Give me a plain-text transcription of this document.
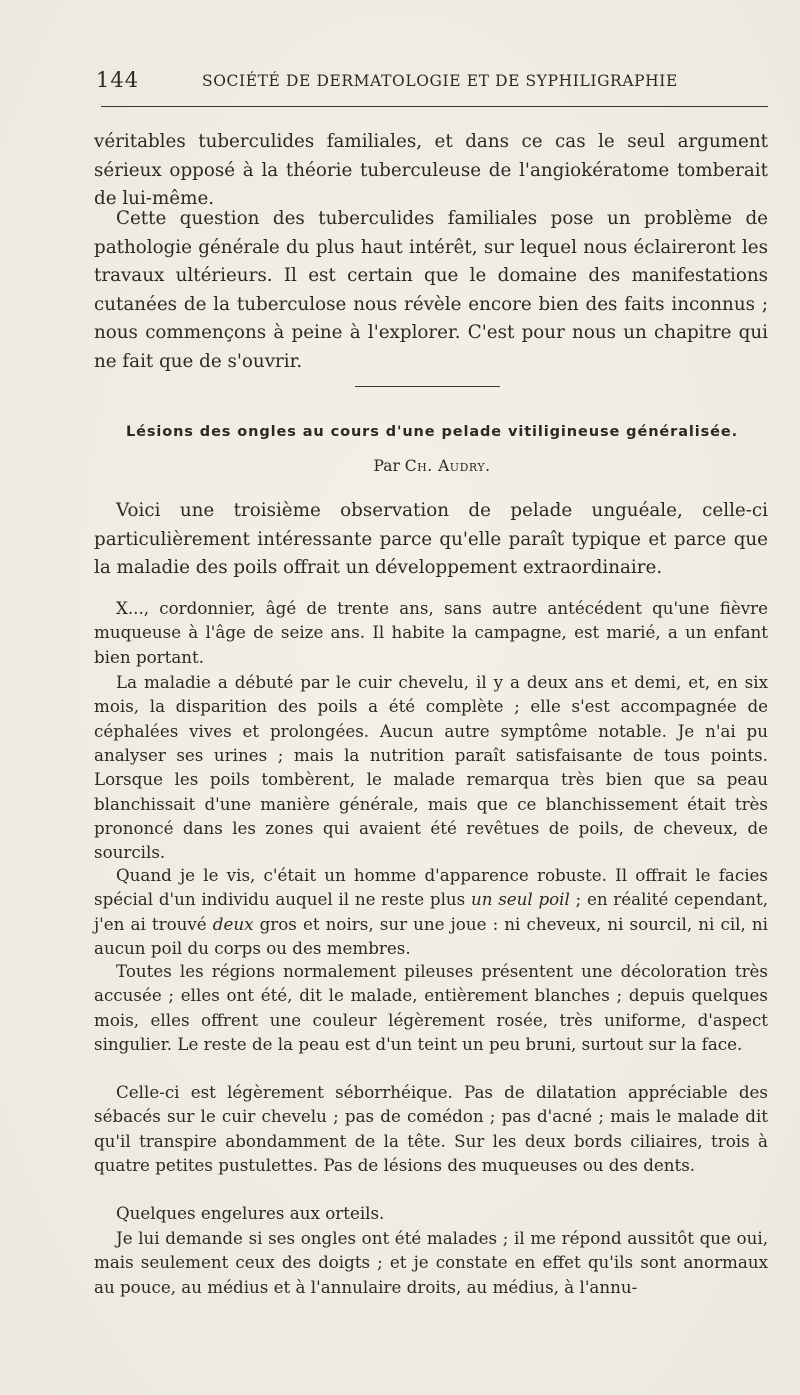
144	SOCIÉTÉ DE DERMATOLOGIE ET DE SYPHILIGRAPHIE

véritables tuberculides familiales, et dans ce cas le seul argument sérieux opposé à la théorie tuberculeuse de l'angiokératome tomberait de lui-même.

Cette question des tuberculides familiales pose un problème de pathologie générale du plus haut intérêt, sur lequel nous éclaireront les travaux ultérieurs. Il est certain que le domaine des manifestations cutanées de la tuberculose nous révèle encore bien des faits inconnus ; nous commençons à peine à l'explorer. C'est pour nous un chapitre qui ne fait que de s'ouvrir.

Lésions des ongles au cours d'une pelade vitiligineuse généralisée.

Par Ch. Audry.

Voici une troisième observation de pelade unguéale, celle-ci particulièrement intéressante parce qu'elle paraît typique et parce que la maladie des poils offrait un développement extraordinaire.

X..., cordonnier, âgé de trente ans, sans autre antécédent qu'une fièvre muqueuse à l'âge de seize ans. Il habite la campagne, est marié, a un enfant bien portant.

La maladie a débuté par le cuir chevelu, il y a deux ans et demi, et, en six mois, la disparition des poils a été complète ; elle s'est accompagnée de céphalées vives et prolongées. Aucun autre symptôme notable. Je n'ai pu analyser ses urines ; mais la nutrition paraît satisfaisante de tous points. Lorsque les poils tombèrent, le malade remarqua très bien que sa peau blanchissait d'une manière générale, mais que ce blanchissement était très prononcé dans les zones qui avaient été revêtues de poils, de cheveux, de sourcils.

Quand je le vis, c'était un homme d'apparence robuste. Il offrait le facies spécial d'un individu auquel il ne reste plus un seul poil ; en réalité cependant, j'en ai trouvé deux gros et noirs, sur une joue : ni cheveux, ni sourcil, ni cil, ni aucun poil du corps ou des membres.

Toutes les régions normalement pileuses présentent une décoloration très accusée ; elles ont été, dit le malade, entièrement blanches ; depuis quelques mois, elles offrent une couleur légèrement rosée, très uniforme, d'aspect singulier. Le reste de la peau est d'un teint un peu bruni, surtout sur la face.

Celle-ci est légèrement séborrhéique. Pas de dilatation appréciable des sébacés sur le cuir chevelu ; pas de comédon ; pas d'acné ; mais le malade dit qu'il transpire abondamment de la tête. Sur les deux bords ciliaires, trois à quatre petites pustulettes. Pas de lésions des muqueuses ou des dents.

Quelques engelures aux orteils.

Je lui demande si ses ongles ont été malades ; il me répond aussitôt que oui, mais seulement ceux des doigts ; et je constate en effet qu'ils sont anormaux au pouce, au médius et à l'annulaire droits, au médius, à l'annu-
